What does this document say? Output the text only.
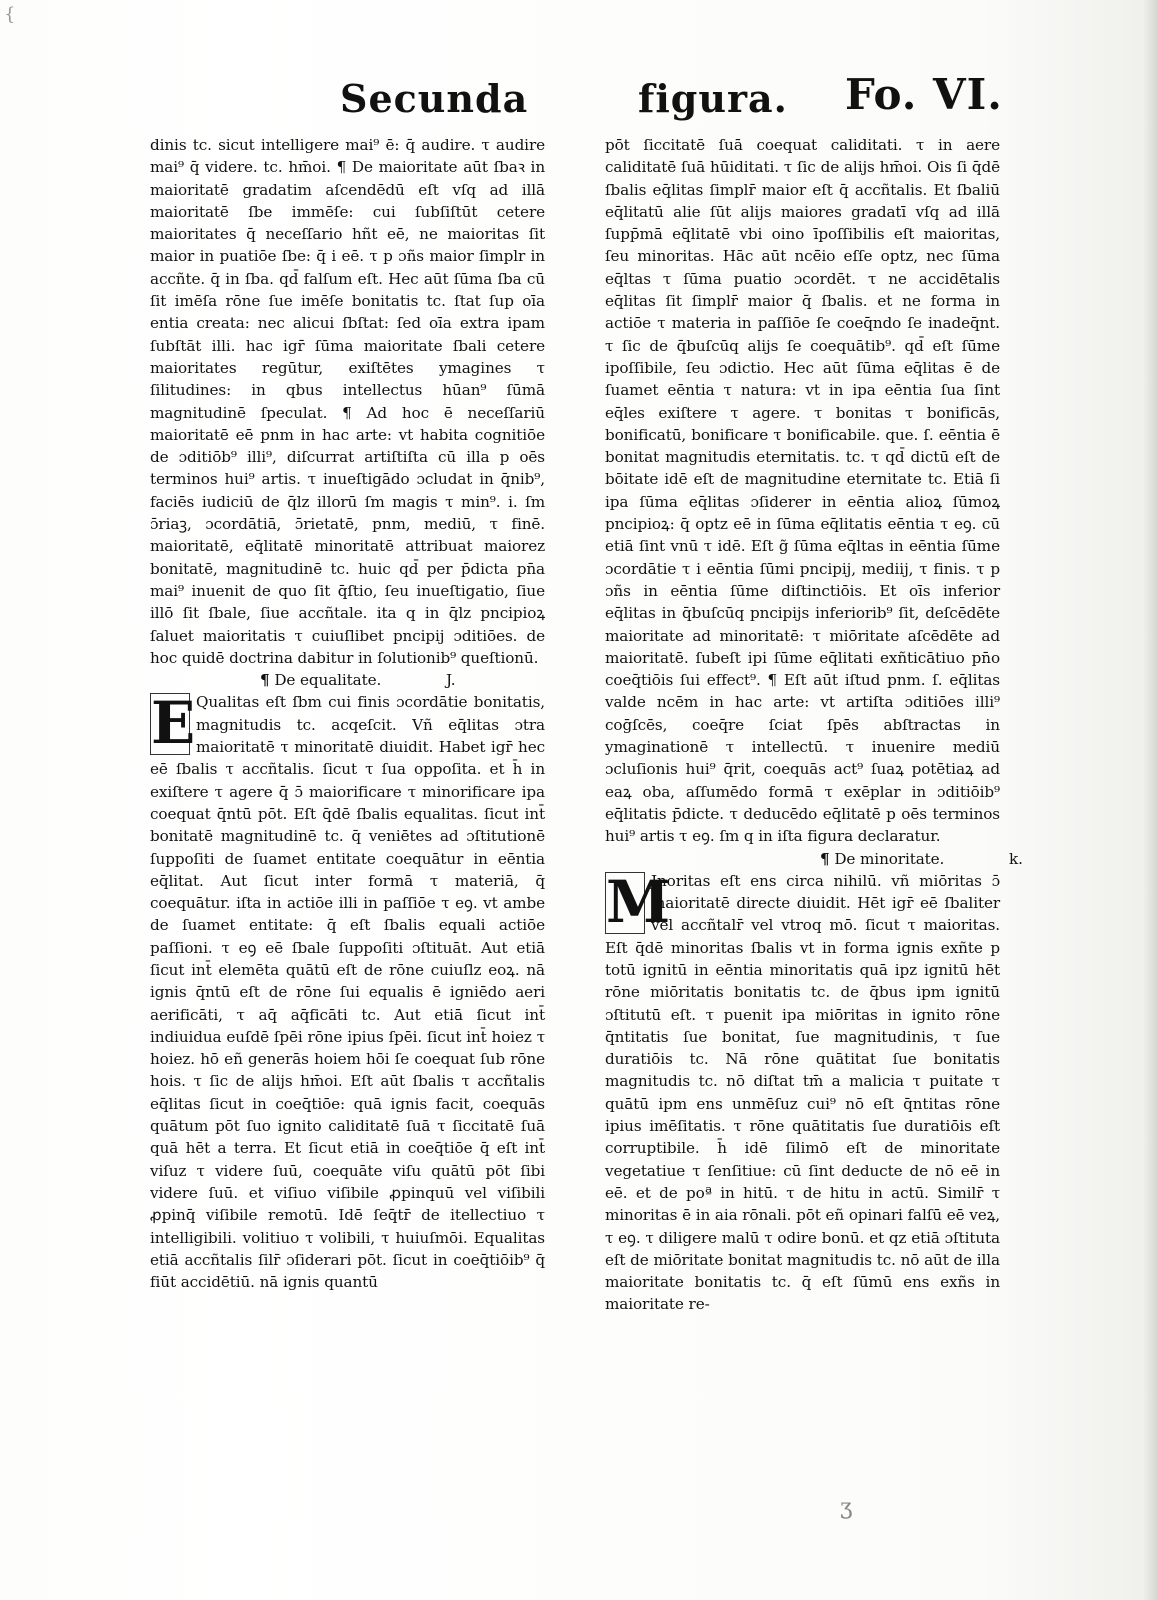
{
Secunda	figura. Fo. VI.

dinis tc. sicut intelligere mai⁹ ē: q̄ audire. τ audire mai⁹ q̄ videre. tc. hm̄oi. ¶ De maioritate aūt ſbaꝛ in maioritatē gradatim aſcendēdū eſt vſq ad illā maioritatē ſbe immēſe: cui ſubſiſtūt cetere maioritates q̄ neceſſario hñt eē, ne maioritas ſit maior in puatiōe ſbe: q̄ i eē. τ p ɔñs maior ſimplr in accñte. q̄ in ſba. qd̄ falſum eſt. Hec aūt ſūma ſba cū ſit imēſa rōne ſue imēſe bonitatis tc. ſtat ſup oīa entia creata: nec alicui ſbſtat: ſed oīa extra ipam ſubſtāt illi. hac igr̄ ſūma maioritate ſbali cetere maioritates regūtur, exiſtētes ymagines τ ſilitudines: in qbus intellectus hūan⁹ ſūmā magnitudinē ſpeculat. ¶ Ad hoc ē neceſſariū maioritatē eē pnm in hac arte: vt habita cognitiōe de ɔditiōb⁹ illi⁹, diſcurrat artiſtiſta cū illa p oēs terminos hui⁹ artis. τ inueſtigādo ɔcludat in q̄nib⁹, faciēs iudiciū de q̄lz illorū ſm magis τ min⁹. i. ſm ɔ̄riaꝫ, ɔcordātiā, ɔ̄rietatē, pnm, mediū, τ finē. maioritatē, eq̄litatē minoritatē attribuat maiorez bonitatē, magnitudinē tc. huic qd̄ per p̄dicta pn̄a mai⁹ inuenit de quo ſit q̄ſtio, ſeu inueſtigatio, ſiue illō ſit ſbale, ſiue accñtale. ita q in q̄lz pncipioꝝ ſaluet maioritatis τ cuiuſlibet pncipij ɔditiōes. de hoc quidē doctrina dabitur in ſolutionib⁹ queſtionū.

¶ De equalitate.	J.

E Qualitas eſt ſbm cui finis ɔcordātie bonitatis, magnitudis tc. acqeſcit. Vñ eq̄litas ɔtra maioritatē τ minoritatē diuidit. Habet igr̄ hec eē ſbalis τ accñtalis. ſicut τ ſua oppoſita. et h̄ in exiſtere τ agere q̄ ɔ̄ maiorificare τ minorificare ipa coequat q̄ntū pōt. Eſt q̄dē ſbalis equalitas. ſicut int̄ bonitatē magnitudinē tc. q̄ veniētes ad ɔſtitutionē ſuppoſiti de ſuamet entitate coequātur in eēntia eq̄litat. Aut ſicut inter formā τ materiā, q̄ coequātur. iſta in actiōe illi in paſſiōe τ eꝯ. vt ambe de ſuamet entitate: q̄ eſt ſbalis equali actiōe paſſioni. τ eꝯ eē ſbale ſuppoſiti ɔſtituāt. Aut etiā ſicut int̄ elemēta quātū eſt de rōne cuiuſlz eoꝝ. nā ignis q̄ntū eſt de rōne ſui equalis ē igniēdo aeri aerificāti, τ aq̄ aq̄ficāti tc. Aut etiā ſicut int̄ indiuidua euſdē ſpēi rōne ipius ſpēi. ſicut int̄ hoiez τ hoiez. hō eñ generās hoiem hōi ſe coequat ſub rōne hois. τ ſic de alijs hm̄oi. Eſt aūt ſbalis τ accñtalis eq̄litas ſicut in coeq̄tiōe: quā ignis facit, coequās quātum pōt ſuo ignito caliditatē ſuā τ ſiccitatē ſuā quā hēt a terra. Et ſicut etiā in coeq̄tiōe q̄ eſt int̄ viſuz τ videre ſuū, coequāte viſu quātū pōt ſibi videre ſuū. et viſiuo viſibile ꝓpinquū vel viſibili ꝓpinq̄ viſibile remotū. Idē ſeq̄tr̄ de itellectiuo τ intelligibili. volitiuo τ volibili, τ huiuſmōi. Equalitas etiā accñtalis ſilr̄ ɔſiderari pōt. ſicut in coeq̄tiōib⁹ q̄ fiūt accidētiū. nā ignis quantū

pōt ſiccitatē ſuā coequat caliditati. τ in aere caliditatē ſuā hūiditati. τ ſic de alijs hm̄oi. Ois ſi q̄dē ſbalis eq̄litas ſimplr̄ maior eſt q̄ accñtalis. Et ſbaliū eq̄litatū alie ſūt alijs maiores gradatī vſq ad illā ſupp̄mā eq̄litatē vbi oino īpoſſibilis eſt maioritas, ſeu minoritas. Hāc aūt ncē̄io eſſe optz, nec ſūma eq̄ltas τ ſūma puatio ɔcordēt. τ ne accidētalis eq̄litas ſit ſimplr̄ maior q̄ ſbalis. et ne forma in actiōe τ materia in paſſiōe ſe coeq̄ndo ſe inadeq̄nt. τ ſic de q̄buſcūq alijs ſe coequātib⁹. qd̄ eſt ſūme ipoſſibile, ſeu ɔdictio. Hec aūt ſūma eq̄litas ē de ſuamet eēntia τ natura: vt in ipa eēntia ſua ſint eq̄les exiſtere τ agere. τ bonitas τ bonificās, bonificatū, bonificare τ bonificabile. que. ſ. eēntia ē bonitat magnitudis eternitatis. tc. τ qd̄ dictū eſt de bōitate idē eſt de magnitudine eternitate tc. Etiā ſi ipa ſūma eq̄litas ɔſiderer in eēntia alioꝝ ſūmoꝝ pncipioꝝ: q̄ optz eē in ſūma eq̄litatis eēntia τ eꝯ. cū etiā ſint vnū τ idē. Eſt g̃ ſūma eq̄ltas in eēntia ſūme ɔcordātie τ i eēntia ſūmi pncipij, mediij, τ finis. τ p ɔñs in eēntia ſūme diſtinctiōis. Et oīs inferior eq̄litas in q̄buſcūq pncipijs inferiorib⁹ ſit, deſcēdēte maioritate ad minoritatē: τ miōritate aſcēdēte ad maioritatē. ſubeſt ipi ſūme eq̄litati exñticātiuo pn̄o coeq̄tiōis ſui effect⁹. ¶ Eſt aūt iſtud pnm. ſ. eq̄litas valde ncēm in hac arte: vt artiſta ɔditiōes illi⁹ coḡſcēs, coeq̄re ſciat ſpēs abſtractas in ymaginationē τ intellectū. τ inuenire mediū ɔcluſionis hui⁹ q̄rit, coequās act⁹ ſuaꝝ potētiaꝝ ad eaꝝ oba, aſſumēdo formā τ exēplar in ɔditiōib⁹ eq̄litatis p̄dicte. τ deducēdo eq̄litatē p oēs terminos hui⁹ artis τ eꝯ. ſm q in iſta figura declaratur.

¶ De minoritate.	k.

M
Jnoritas eſt ens circa nihilū. vñ miōritas ɔ̄ maioritatē directe diuidit. Hēt igr̄ eē ſbaliter vel accñtalr̄ vel vtroq mō. ſicut τ maioritas. Eſt q̄dē minoritas ſbalis vt in forma ignis exñte p totū ignitū in eēntia minoritatis quā ipz ignitū hēt rōne miōritatis bonitatis tc. de q̄bus ipm ignitū ɔſtitutū eſt. τ puenit ipa miōritas in ignito rōne q̄ntitatis ſue bonitat, ſue magnitudinis, τ ſue duratiōis tc. Nā rōne quātitat ſue bonitatis magnitudis tc. nō diſtat tm̄ a malicia τ puitate τ quātū ipm ens unmēſuz cui⁹ nō eſt q̄ntitas rōne ipius imēſitatis. τ rōne quātitatis ſue duratiōis eſt corruptibile. h̄ idē ſilimō eſt de minoritate vegetatiue τ ſenſitiue: cū ſint deducte de nō eē in eē. et de poª in hitū. τ de hitu in actū. Similr̄ τ minoritas ē in aia rōnali. pōt eñ opinari falſū eē veꝝ, τ eꝯ. τ diligere malū τ odire bonū. et qz etiā ɔſtituta eſt de miōritate bonitat magnitudis tc. nō aūt de illa maioritate bonitatis tc. q̄ eſt ſūmū ens exñs in maioritate re-

ʒ
